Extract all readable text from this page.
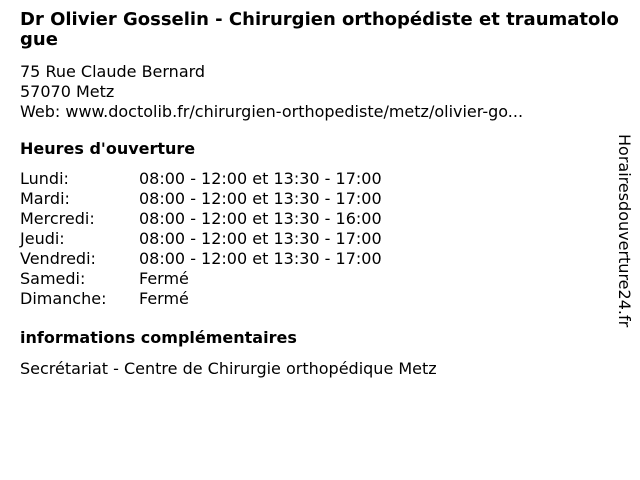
Dr Olivier Gosselin - Chirurgien orthopédiste et traumatologue
75 Rue Claude Bernard
57070 Metz
Web: www.doctolib.fr/chirurgien-orthopediste/metz/olivier-go...
Heures d'ouverture
Lundi:	08:00 - 12:00 et 13:30 - 17:00
Mardi:	08:00 - 12:00 et 13:30 - 17:00
Mercredi:	08:00 - 12:00 et 13:30 - 16:00
Jeudi:	08:00 - 12:00 et 13:30 - 17:00
Vendredi:	08:00 - 12:00 et 13:30 - 17:00
Samedi:	Fermé
Dimanche:	Fermé
informations complémentaires
Secrétariat - Centre de Chirurgie orthopédique Metz
Horairesdouverture24.fr
